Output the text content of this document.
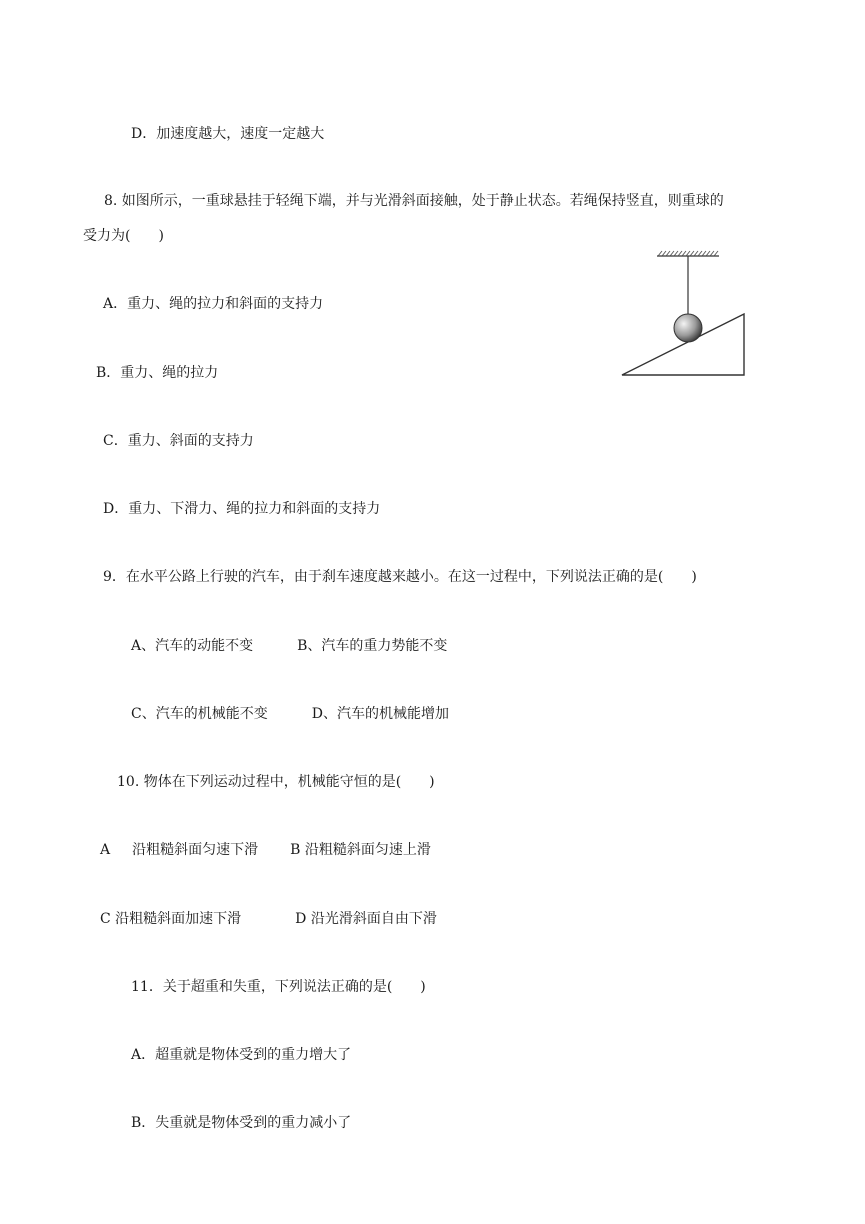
D．加速度越大，速度一定越大
8. 如图所示，一重球悬挂于轻绳下端，并与光滑斜面接触，处于静止状态。若绳保持竖直，则重球的
受力为(　　)
A．重力、绳的拉力和斜面的支持力
B．重力、绳的拉力
C．重力、斜面的支持力
D．重力、下滑力、绳的拉力和斜面的支持力
9．在水平公路上行驶的汽车，由于刹车速度越来越小。在这一过程中，下列说法正确的是(　　)
A、汽车的动能不变	B、汽车的重力势能不变
C、汽车的机械能不变	D、汽车的机械能增加
10. 物体在下列运动过程中，机械能守恒的是(　　)
A 沿粗糙斜面匀速下滑 B 沿粗糙斜面匀速上滑
C 沿粗糙斜面加速下滑	D 沿光滑斜面自由下滑
11．关于超重和失重，下列说法正确的是(　　)
A．超重就是物体受到的重力增大了
B．失重就是物体受到的重力减小了
